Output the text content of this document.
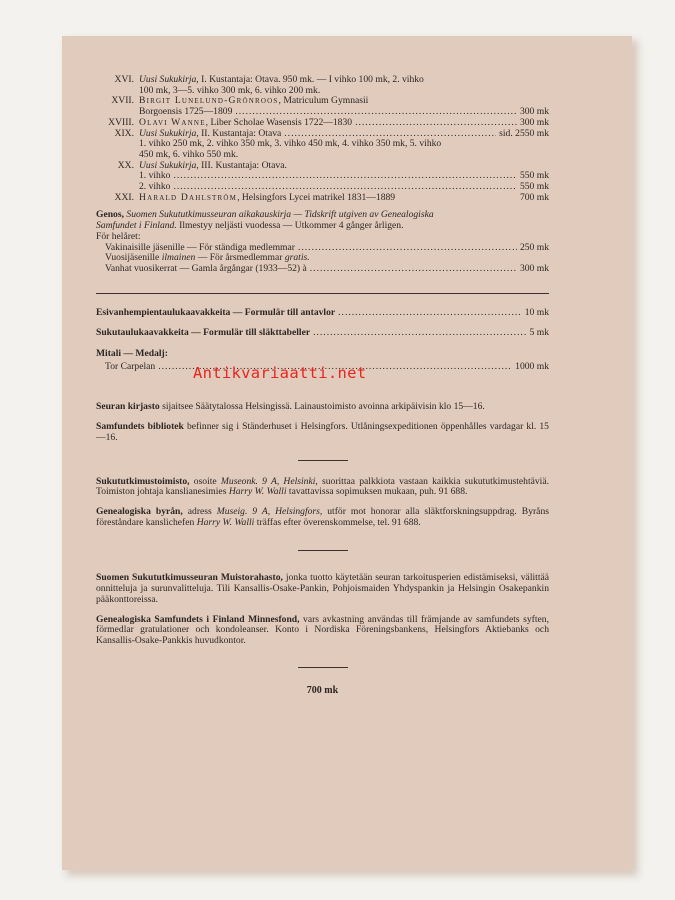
XVI. Uusi Sukukirja, I. Kustantaja: Otava. 950 mk. — I vihko 100 mk, 2. vihko
100 mk, 3—5. vihko 300 mk, 6. vihko 200 mk.
XVII. Birgit Lunelund-Grönroos, Matriculum Gymnasii
Borgoensis 1725—1809 .....	300 mk
XVIII. Olavi Wanne, Liber Scholae Wasensis 1722—1830 .....	300 mk
XIX. Uusi Sukukirja, II. Kustantaja: Otava .....	sid. 2550 mk
1. vihko 250 mk, 2. vihko 350 mk, 3. vihko 450 mk, 4. vihko 350 mk, 5. vihko
450 mk, 6. vihko 550 mk.
XX. Uusi Sukukirja, III. Kustantaja: Otava.
1. vihko .....	550 mk
2. vihko .....	550 mk
XXI. Harald Dahlström, Helsingfors Lycei matrikel 1831—1889	700 mk
Genos, Suomen Sukututkimusseuran aikakauskirja — Tidskrift utgiven av Genealogiska
Samfundet i Finland. Ilmestyy neljästi vuodessa — Utkommer 4 gånger årligen.
För helåret:
Vakinaisille jäsenille — För ständiga medlemmar .....	250 mk
Vuosijäsenille ilmainen — För årsmedlemmar gratis.
Vanhat vuosikerrat — Gamla årgångar (1933—52) à .....	300 mk
Esivanhempientaulukaavakkeita — Formulär till antavlor .....	10 mk
Sukutaulukaavakkeita — Formulär till släkttabeller .....	5 mk
Mitali — Medalj:
Tor Carpelan .....	1000 mk
Seuran kirjasto sijaitsee Säätytalossa Helsingissä. Lainaustoimisto avoinna arkipäivisin klo 15—16.
Samfundets bibliotek befinner sig i Ständerhuset i Helsingfors. Utlåningsexpeditionen öppenhålles vardagar kl. 15—16.
Sukututkimustoimisto, osoite Museonk. 9 A, Helsinki, suorittaa palkkiota vastaan kaikkia sukututkimustehtäviä. Toimiston johtaja kanslianesimies Harry W. Walli tavattavissa sopimuksen mukaan, puh. 91 688.
Genealogiska byrån, adress Museig. 9 A, Helsingfors, utför mot honorar alla släktforskningsuppdrag. Byråns föreståndare kanslichefen Harry W. Walli träffas efter överenskommelse, tel. 91 688.
Suomen Sukututkimusseuran Muistorahasto, jonka tuotto käytetään seuran tarkoitusperien edistämiseksi, välittää onnitteluja ja surunvalitteluja. Tili Kansallis-Osake-Pankin, Pohjoismaiden Yhdyspankin ja Helsingin Osakepankin pääkonttoreissa.
Genealogiska Samfundets i Finland Minnesfond, vars avkastning användas till främjande av samfundets syften, förmedlar gratulationer och kondoleanser. Konto i Nordiska Föreningsbankens, Helsingfors Aktiebanks och Kansallis-Osake-Pankkis huvudkontor.
700 mk
Antikvariaatti.net
